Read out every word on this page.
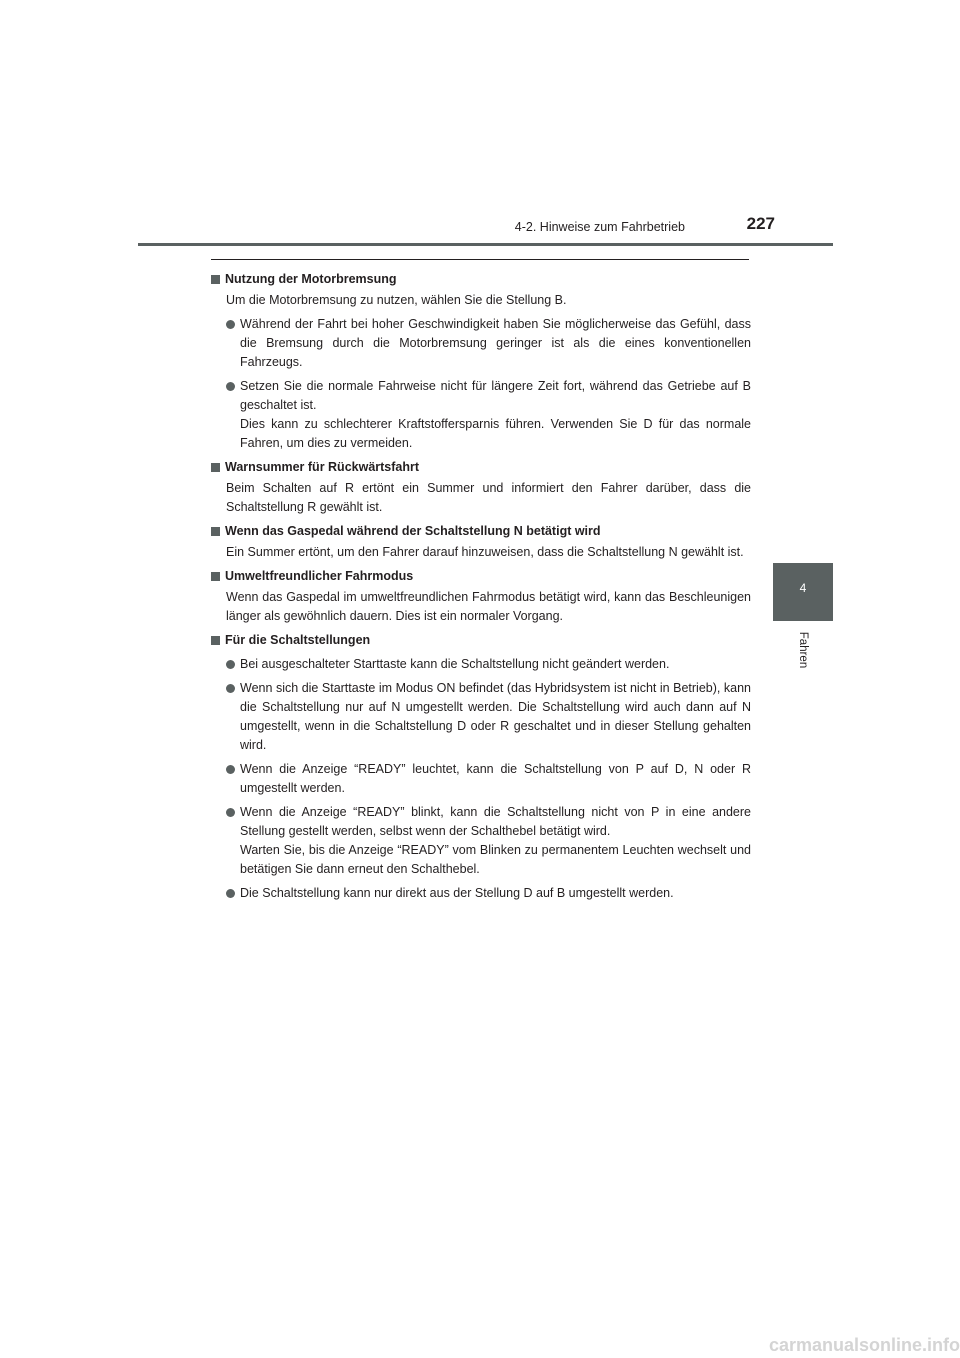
4-2. Hinweise zum Fahrbetrieb	227
4
Fahren
Nutzung der Motorbremsung
Um die Motorbremsung zu nutzen, wählen Sie die Stellung B.
Während der Fahrt bei hoher Geschwindigkeit haben Sie möglicherweise das Gefühl, dass die Bremsung durch die Motorbremsung geringer ist als die eines konventionellen Fahrzeugs.
Setzen Sie die normale Fahrweise nicht für längere Zeit fort, während das Getriebe auf B geschaltet ist.
Dies kann zu schlechterer Kraftstoffersparnis führen. Verwenden Sie D für das normale Fahren, um dies zu vermeiden.
Warnsummer für Rückwärtsfahrt
Beim Schalten auf R ertönt ein Summer und informiert den Fahrer darüber, dass die Schaltstellung R gewählt ist.
Wenn das Gaspedal während der Schaltstellung N betätigt wird
Ein Summer ertönt, um den Fahrer darauf hinzuweisen, dass die Schaltstellung N gewählt ist.
Umweltfreundlicher Fahrmodus
Wenn das Gaspedal im umweltfreundlichen Fahrmodus betätigt wird, kann das Beschleunigen länger als gewöhnlich dauern. Dies ist ein normaler Vorgang.
Für die Schaltstellungen
Bei ausgeschalteter Starttaste kann die Schaltstellung nicht geändert werden.
Wenn sich die Starttaste im Modus ON befindet (das Hybridsystem ist nicht in Betrieb), kann die Schaltstellung nur auf N umgestellt werden. Die Schaltstellung wird auch dann auf N umgestellt, wenn in die Schaltstellung D oder R geschaltet und in dieser Stellung gehalten wird.
Wenn die Anzeige “READY” leuchtet, kann die Schaltstellung von P auf D, N oder R umgestellt werden.
Wenn die Anzeige “READY” blinkt, kann die Schaltstellung nicht von P in eine andere Stellung gestellt werden, selbst wenn der Schalthebel betätigt wird.
Warten Sie, bis die Anzeige “READY” vom Blinken zu permanentem Leuchten wechselt und betätigen Sie dann erneut den Schalthebel.
Die Schaltstellung kann nur direkt aus der Stellung D auf B umgestellt werden.
carmanualsonline.info
